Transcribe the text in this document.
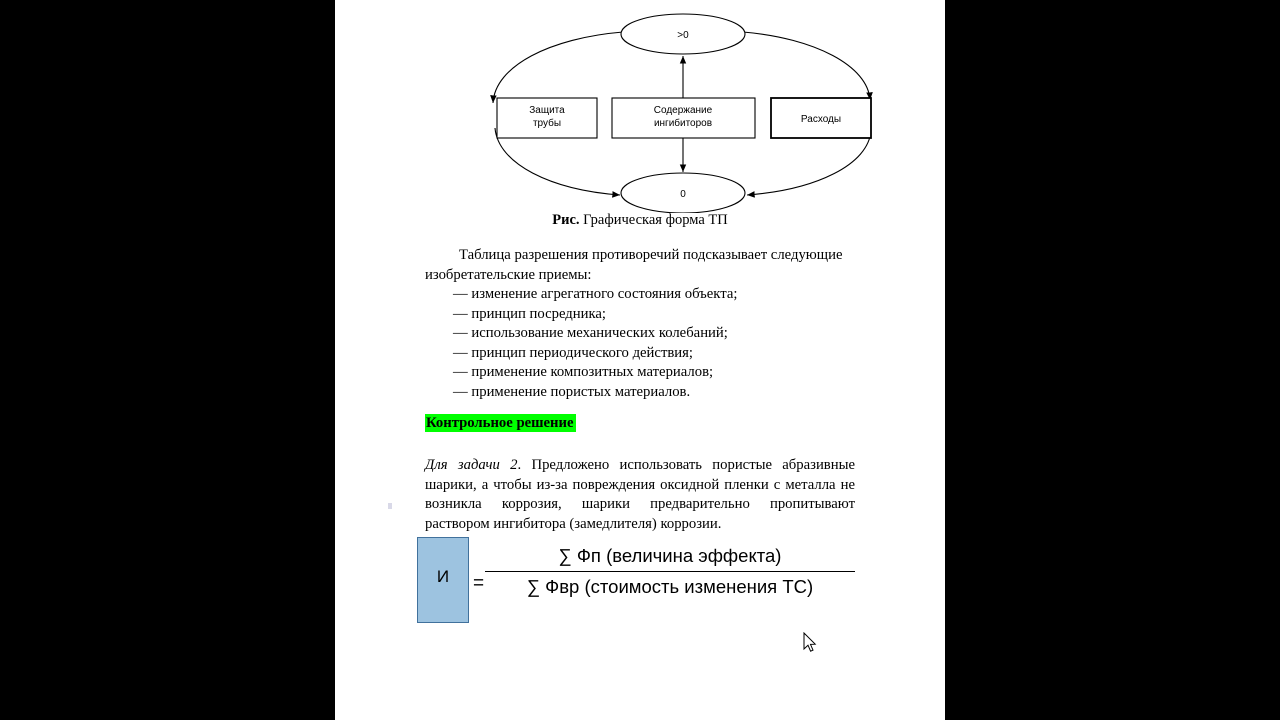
>0
0
Защита
трубы
Содержание
ингибиторов	Расходы
Рис. Графическая форма ТП
Таблица разрешения противоречий подсказывает следующие
изобретательские приемы:
— изменение агрегатного состояния объекта;
— принцип посредника;
— использование механических колебаний;
— принцип периодического действия;
— применение композитных материалов;
— применение пористых материалов.
Контрольное решение
Для задачи 2. Предложено использовать пористые абразивные шарики, а чтобы из-за повреждения оксидной пленки с металла не возникла коррозия, шарики предварительно пропитывают раствором ингибитора (замедлителя) коррозии.
И	=
∑ Фп (величина эффекта)
∑ Фвр (стоимость изменения ТС)
